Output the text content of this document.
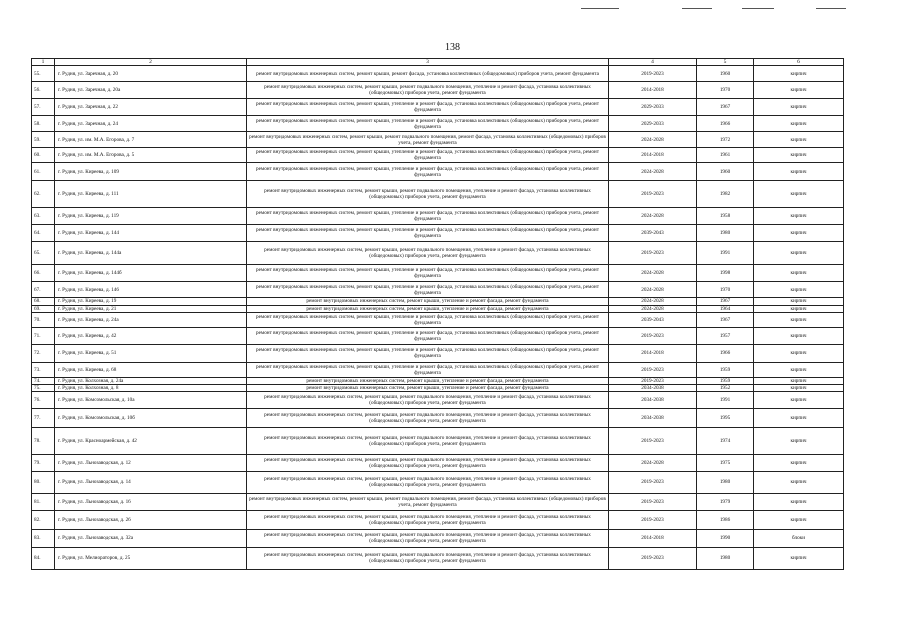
138
1	2	3	4	5	6
55.	г. Рудня, ул. Заречная, д. 20	ремонт внутридомовых инженерных систем, ремонт крыши, ремонт фасада, установка коллективных (общедомовых) приборов учета, ремонт фундамента	2019-2023	1960	кирпич
56.	г. Рудня, ул. Заречная, д. 20а	ремонт внутридомовых инженерных систем, ремонт крыши, ремонт подвального помещения, утепление и ремонт фасада, установка коллективных (общедомовых) приборов учета, ремонт фундамента	2014-2018	1970	кирпич
57.	г. Рудня, ул. Заречная, д. 22	ремонт внутридомовых инженерных систем, ремонт крыши, утепление и ремонт фасада, установка коллективных (общедомовых) приборов учета, ремонт фундамента	2029-2033	1967	кирпич
58.	г. Рудня, ул. Заречная, д. 24	ремонт внутридомовых инженерных систем, ремонт крыши, утепление и ремонт фасада, установка коллективных (общедомовых) приборов учета, ремонт фундамента	2029-2033	1966	кирпич
59.	г. Рудня, ул. им. М.А. Егорова, д. 7	ремонт внутридомовых инженерных систем, ремонт крыши, ремонт подвального помещения, ремонт фасада, установка коллективных (общедомовых) приборов учета, ремонт фундамента	2024-2028	1972	кирпич
60.	г. Рудня, ул. им. М.А. Егорова, д. 5	ремонт внутридомовых инженерных систем, ремонт крыши, утепление и ремонт фасада, установка коллективных (общедомовых) приборов учета, ремонт фундамента	2014-2018	1961	кирпич
61.	г. Рудня, ул. Киреева, д. 109	ремонт внутридомовых инженерных систем, ремонт крыши, утепление и ремонт фасада, установка коллективных (общедомовых) приборов учета, ремонт фундамента	2024-2028	1960	кирпич
62.	г. Рудня, ул. Киреева, д. 111	ремонт внутридомовых инженерных систем, ремонт крыши, ремонт подвального помещения, утепление и ремонт фасада, установка коллективных (общедомовых) приборов учета, ремонт фундамента	2019-2023	1982	кирпич
63.	г. Рудня, ул. Киреева, д. 119	ремонт внутридомовых инженерных систем, ремонт крыши, утепление и ремонт фасада, установка коллективных (общедомовых) приборов учета, ремонт фундамента	2024-2028	1958	кирпич
64.	г. Рудня, ул. Киреева, д. 144	ремонт внутридомовых инженерных систем, ремонт крыши, утепление и ремонт фасада, установка коллективных (общедомовых) приборов учета, ремонт фундамента	2039-2043	1980	кирпич
65.	г. Рудня, ул. Киреева, д. 144а	ремонт внутридомовых инженерных систем, ремонт крыши, ремонт подвального помещения, утепление и ремонт фасада, установка коллективных (общедомовых) приборов учета, ремонт фундамента	2019-2023	1991	кирпич
66.	г. Рудня, ул. Киреева, д. 144б	ремонт внутридомовых инженерных систем, ремонт крыши, утепление и ремонт фасада, установка коллективных (общедомовых) приборов учета, ремонт фундамента	2024-2028	1998	кирпич
67.	г. Рудня, ул. Киреева, д. 146	ремонт внутридомовых инженерных систем, ремонт крыши, утепление и ремонт фасада, установка коллективных (общедомовых) приборов учета, ремонт фундамента	2024-2028	1970	кирпич
68.	г. Рудня, ул. Киреева, д. 19	ремонт внутридомовых инженерных систем, ремонт крыши, утепление и ремонт фасада, ремонт фундамента	2024-2028	1967	кирпич
69.	г. Рудня, ул. Киреева, д. 21	ремонт внутридомовых инженерных систем, ремонт крыши, утепление и ремонт фасада, ремонт фундамента	2024-2028	1964	кирпич
70.	г. Рудня, ул. Киреева, д. 24а	ремонт внутридомовых инженерных систем, ремонт крыши, утепление и ремонт фасада, установка коллективных (общедомовых) приборов учета, ремонт фундамента	2039-2043	1967	кирпич
71.	г. Рудня, ул. Киреева, д. 42	ремонт внутридомовых инженерных систем, ремонт крыши, утепление и ремонт фасада, установка коллективных (общедомовых) приборов учета, ремонт фундамента	2019-2023	1957	кирпич
72.	г. Рудня, ул. Киреева, д. 51	ремонт внутридомовых инженерных систем, ремонт крыши, утепление и ремонт фасада, установка коллективных (общедомовых) приборов учета, ремонт фундамента	2014-2018	1966	кирпич
73.	г. Рудня, ул. Киреева, д. 68	ремонт внутридомовых инженерных систем, ремонт крыши, утепление и ремонт фасада, установка коллективных (общедомовых) приборов учета, ремонт фундамента	2019-2023	1959	кирпич
74.	г. Рудня, ул. Колхозная, д. 24а	ремонт внутридомовых инженерных систем, ремонт крыши, утепление и ремонт фасада, ремонт фундамента	2019-2023	1959	кирпич
75.	г. Рудня, ул. Колхозная, д. 8	ремонт внутридомовых инженерных систем, ремонт крыши, утепление и ремонт фасада, ремонт фундамента	2034-2038	1952	кирпич
76.	г. Рудня, ул. Комсомольская, д. 10а	ремонт внутридомовых инженерных систем, ремонт крыши, ремонт подвального помещения, утепление и ремонт фасада, установка коллективных (общедомовых) приборов учета, ремонт фундамента	2034-2038	1991	кирпич
77.	г. Рудня, ул. Комсомольская, д. 10б	ремонт внутридомовых инженерных систем, ремонт крыши, ремонт подвального помещения, утепление и ремонт фасада, установка коллективных (общедомовых) приборов учета, ремонт фундамента	2034-2038	1995	кирпич
78.	г. Рудня, ул. Красноармейская, д. 42	ремонт внутридомовых инженерных систем, ремонт крыши, ремонт подвального помещения, утепление и ремонт фасада, установка коллективных (общедомовых) приборов учета, ремонт фундамента	2019-2023	1974	кирпич
79.	г. Рудня, ул. Льнозаводская, д. 12	ремонт внутридомовых инженерных систем, ремонт крыши, ремонт подвального помещения, утепление и ремонт фасада, установка коллективных (общедомовых) приборов учета, ремонт фундамента	2024-2028	1975	кирпич
80.	г. Рудня, ул. Льнозаводская, д. 14	ремонт внутридомовых инженерных систем, ремонт крыши, ремонт подвального помещения, утепление и ремонт фасада, установка коллективных (общедомовых) приборов учета, ремонт фундамента	2019-2023	1980	кирпич
81.	г. Рудня, ул. Льнозаводская, д. 16	ремонт внутридомовых инженерных систем, ремонт крыши, ремонт подвального помещения, ремонт фасада, установка коллективных (общедомовых) приборов учета, ремонт фундамента	2019-2023	1979	кирпич
82.	г. Рудня, ул. Льнозаводская, д. 26	ремонт внутридомовых инженерных систем, ремонт крыши, ремонт подвального помещения, утепление и ремонт фасада, установка коллективных (общедомовых) приборов учета, ремонт фундамента	2019-2023	1986	кирпич
83.	г. Рудня, ул. Льнозаводская, д. 32а	ремонт внутридомовых инженерных систем, ремонт крыши, ремонт подвального помещения, утепление и ремонт фасада, установка коллективных (общедомовых) приборов учета, ремонт фундамента	2014-2018	1990	блоки
84.	г. Рудня, ул. Мелиораторов, д. 25	ремонт внутридомовых инженерных систем, ремонт крыши, ремонт подвального помещения, утепление и ремонт фасада, установка коллективных (общедомовых) приборов учета, ремонт фундамента	2019-2023	1980	кирпич
